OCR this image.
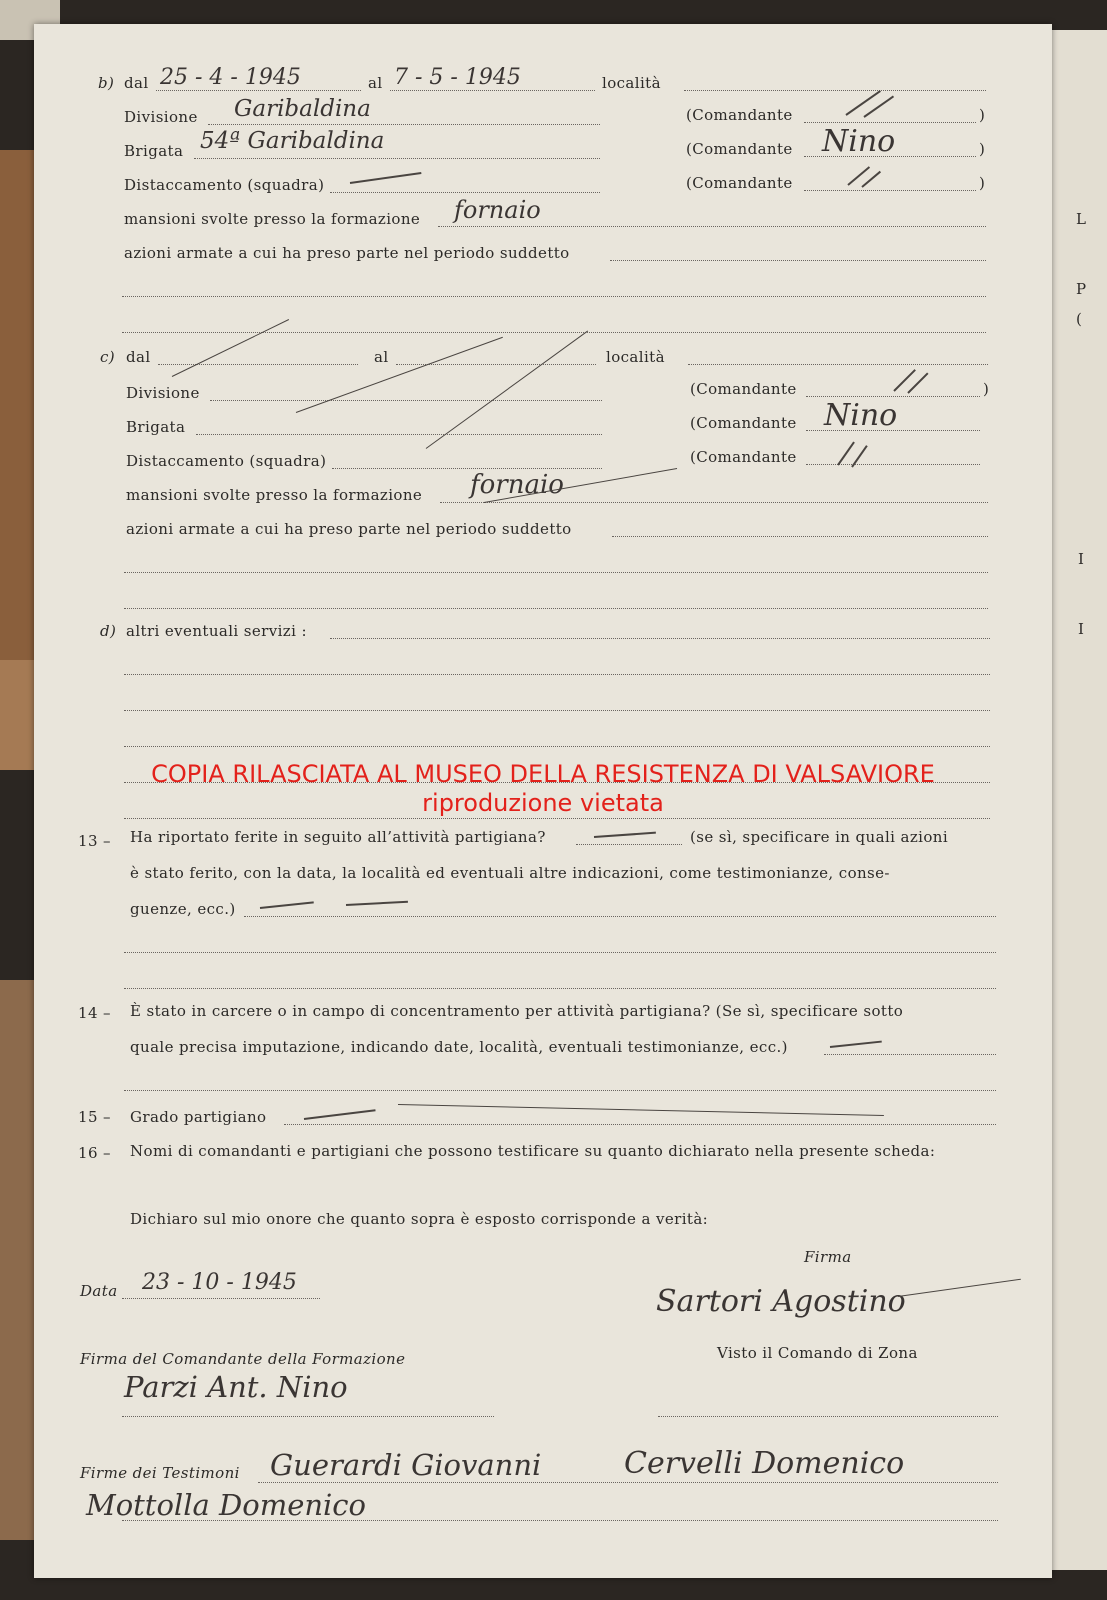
L
P
(
I
I
b) dal 25 - 4 - 1945	al 7 - 5 - 1945	località
Divisione Garibaldina	(Comandante	)
Brigata 54ª Garibaldina	(Comandante Nino	)
Distaccamento (squadra)	(Comandante	)
mansioni svolte presso la formazione fornaio
azioni armate a cui ha preso parte nel periodo suddetto
c) dal	al	località
Divisione	(Comandante	)
Brigata	(Comandante Nino
Distaccamento (squadra)	(Comandante
mansioni svolte presso la formazione fornaio
azioni armate a cui ha preso parte nel periodo suddetto
d) altri eventuali servizi :
COPIA RILASCIATA AL MUSEO DELLA RESISTENZA DI VALSAVIORE
riproduzione vietata
13 – Ha riportato ferite in seguito all’attività partigiana?	(se sì, specificare in quali azioni
è stato ferito, con la data, la località ed eventuali altre indicazioni, come testimonianze, conse-
guenze, ecc.)
14 – È stato in carcere o in campo di concentramento per attività partigiana? (Se sì, specificare sotto
quale precisa imputazione, indicando date, località, eventuali testimonianze, ecc.)
15 – Grado partigiano
16 – Nomi di comandanti e partigiani che possono testificare su quanto dichiarato nella presente scheda:
Dichiaro sul mio onore che quanto sopra è esposto corrisponde a verità:
Firma
Data 23 - 10 - 1945
Sartori Agostino
Visto il Comando di Zona
Firma del Comandante della Formazione
Parzi Ant. Nino
Firme dei Testimoni Guerardi Giovanni	Cervelli Domenico
Mottolla Domenico
